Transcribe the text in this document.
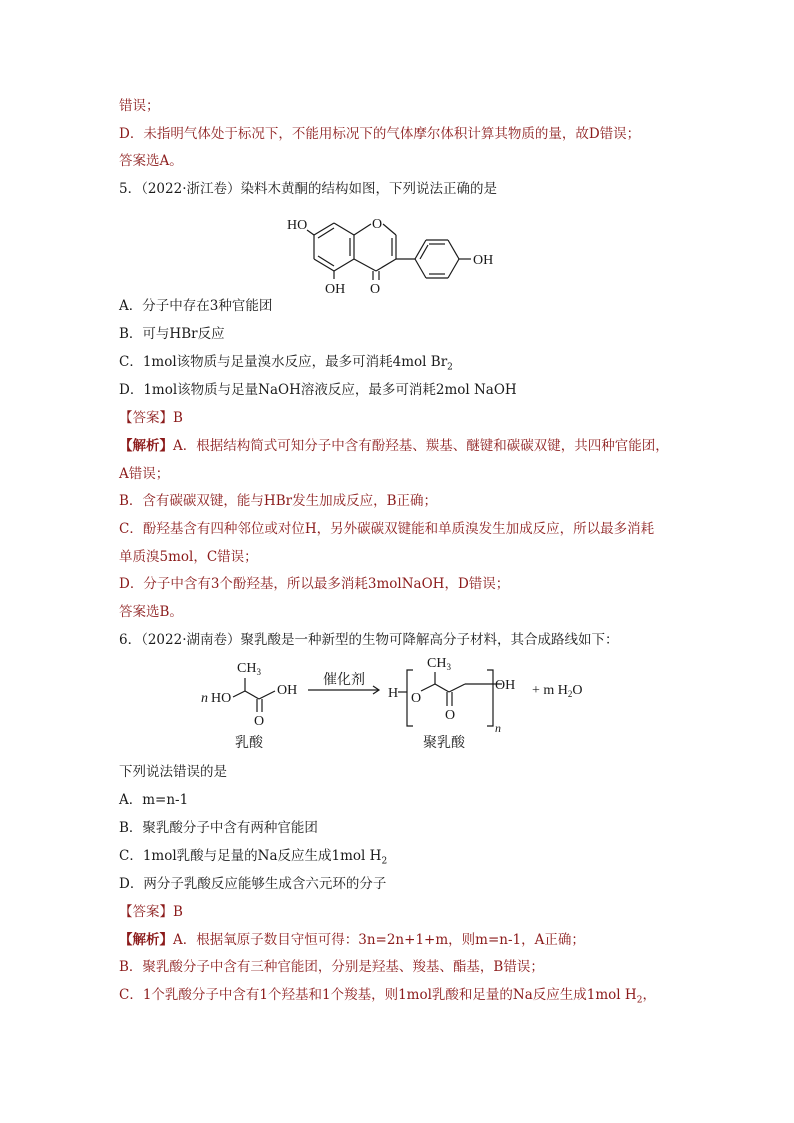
错误；
D．未指明气体处于标况下，不能用标况下的气体摩尔体积计算其物质的量，故D错误；
答案选A。
5．（2022·浙江卷）染料木黄酮的结构如图，下列说法正确的是
HO	O
OH O
OH
A．分子中存在3种官能团
B．可与HBr反应
C．1mol该物质与足量溴水反应，最多可消耗4mol $Br_2$
D．1mol该物质与足量NaOH溶液反应，最多可消耗2mol NaOH
【答案】B
【解析】A．根据结构简式可知分子中含有酚羟基、羰基、醚键和碳碳双键，共四种官能团，
A错误；
B．含有碳碳双键，能与HBr发生加成反应，B正确；
C．酚羟基含有四种邻位或对位H，另外碳碳双键能和单质溴发生加成反应，所以最多消耗
单质溴5mol，C错误；
D．分子中含有3个酚羟基，所以最多消耗3molNaOH，D错误；
答案选B。
6．（2022·湖南卷）聚乳酸是一种新型的生物可降解高分子材料，其合成路线如下：
n HO
$CH_3$
OH
O
催化剂
H O
$CH_3$
O
OH
n
+ m $H_2O$
乳酸	聚乳酸
下列说法错误的是
A．m=n-1
B．聚乳酸分子中含有两种官能团
C．1mol乳酸与足量的Na反应生成1mol $H_2$
D．两分子乳酸反应能够生成含六元环的分子
【答案】B
【解析】A．根据氧原子数目守恒可得：3n=2n+1+m，则m=n-1，A正确；
B．聚乳酸分子中含有三种官能团，分别是羟基、羧基、酯基，B错误；
C．1个乳酸分子中含有1个羟基和1个羧基，则1mol乳酸和足量的Na反应生成1mol $H_2$，
